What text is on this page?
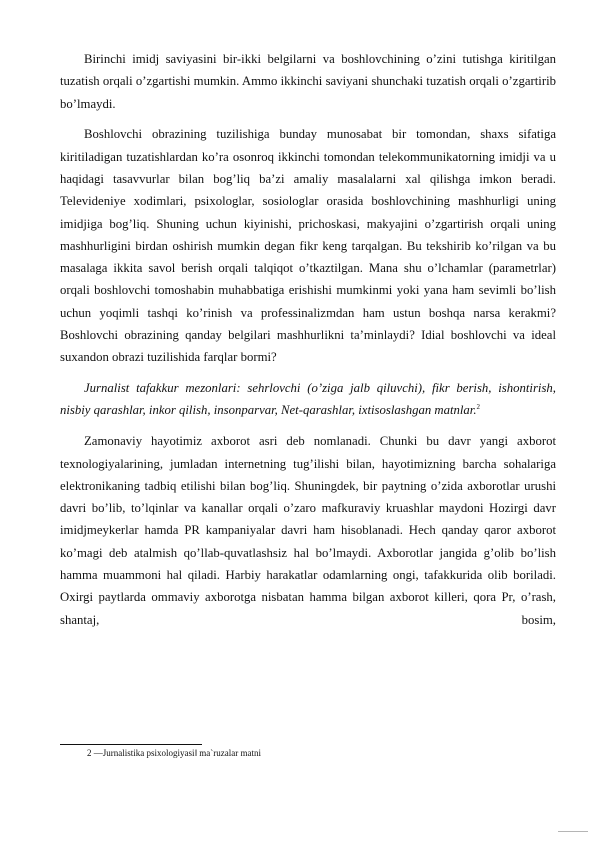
Birinchi imidj saviyasini bir-ikki belgilarni va boshlovchining o’zini tutishga kiritilgan tuzatish orqali o’zgartishi mumkin. Ammo ikkinchi saviyani shunchaki tuzatish orqali o’zgartirib bo’lmaydi.

Boshlovchi obrazining tuzilishiga bunday munosabat bir tomondan, shaxs sifatiga kiritiladigan tuzatishlardan ko’ra osonroq ikkinchi tomondan telekommunikatorning imidji va u haqidagi tasavvurlar bilan bog’liq ba’zi amaliy masalalarni xal qilishga imkon beradi. Televideniye xodimlari, psixologlar, sosiologlar orasida boshlovchining mashhurligi uning imidjiga bog’liq. Shuning uchun kiyinishi, prichoskasi, makyajini o’zgartirish orqali uning mashhurligini birdan oshirish mumkin degan fikr keng tarqalgan. Bu tekshirib ko’rilgan va bu masalaga ikkita savol berish orqali talqiqot o’tkaztilgan. Mana shu o’lchamlar (parametrlar) orqali boshlovchi tomoshabin muhabbatiga erishishi mumkinmi yoki yana ham sevimli bo’lish uchun yoqimli tashqi ko’rinish va professinalizmdan ham ustun boshqa narsa kerakmi? Boshlovchi obrazining qanday belgilari mashhurlikni ta’minlaydi? Idial boshlovchi va ideal suxandon obrazi tuzilishida farqlar bormi?

Jurnalist tafakkur mezonlari: sehrlovchi (o’ziga jalb qiluvchi), fikr berish, ishontirish, nisbiy qarashlar, inkor qilish, insonparvar, Net-qarashlar, ixtisoslashgan matnlar.$^2$

Zamonaviy hayotimiz axborot asri deb nomlanadi. Chunki bu davr yangi axborot texnologiyalarining, jumladan internetning tug’ilishi bilan, hayotimizning barcha sohalariga elektronikaning tadbiq etilishi bilan bog’liq. Shuningdek, bir paytning o’zida axborotlar urushi davri bo’lib, to’lqinlar va kanallar orqali o’zaro mafkuraviy kruashlar maydoni Hozirgi davr imidjmeykerlar hamda PR kampaniyalar davri ham hisoblanadi. Hech qanday qaror axborot ko’magi deb atalmish qo’llab-quvatlashsiz hal bo’lmaydi. Axborotlar jangida g’olib bo’lish hamma muammoni hal qiladi. Harbiy harakatlar odamlarning ongi, tafakkurida olib boriladi. Oxirgi paytlarda ommaviy axborotga nisbatan hamma bilgan axborot killeri, qora Pr, o’rash, shantaj, bosim,

2 ―Jurnalistika psixologiyasi‖ ma`ruzalar matni
